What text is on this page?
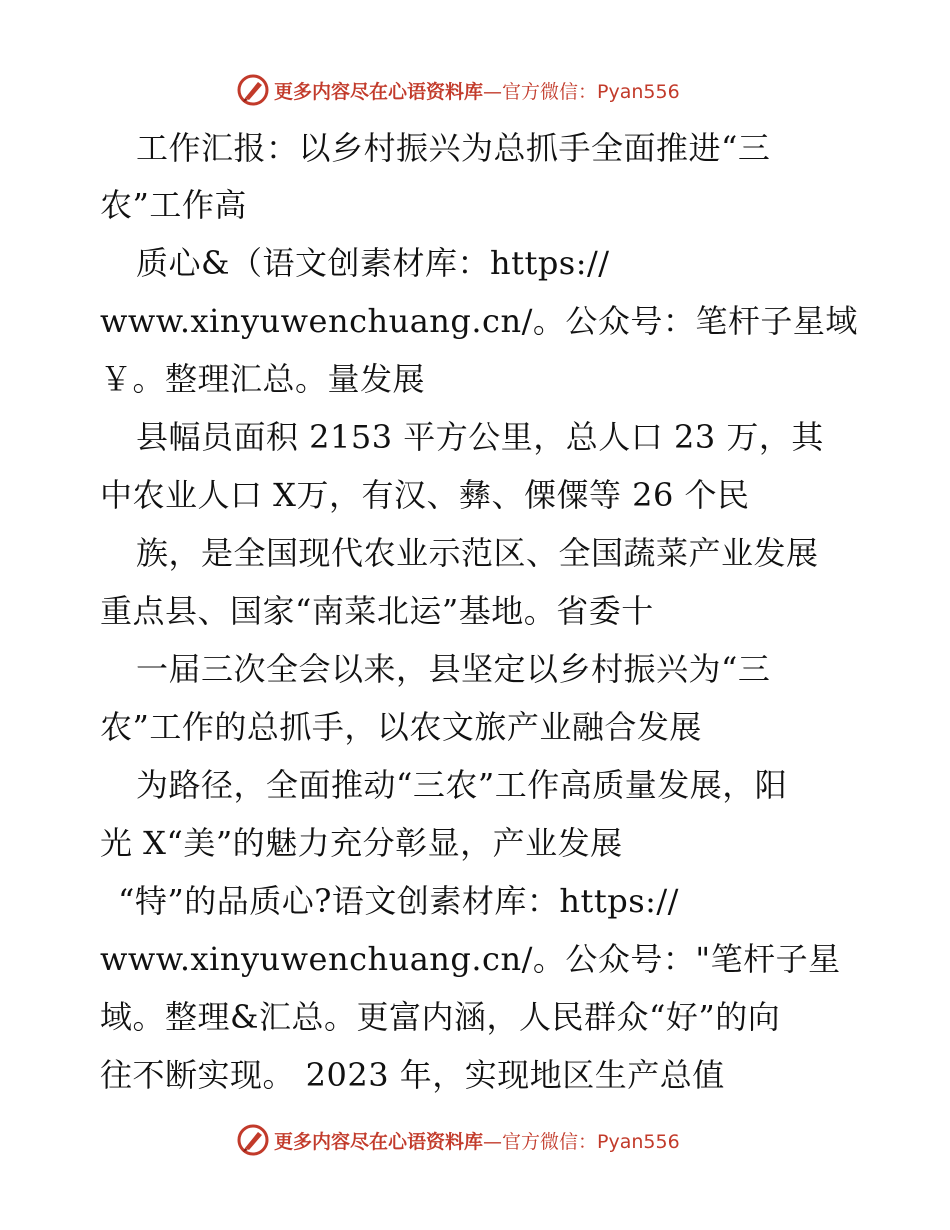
更多内容尽在心语资料库—官方微信：Pyan556
工作汇报：以乡村振兴为总抓手全面推进“三
农”工作高
质心&（语文创素材库：https://
www.xinyuwenchuang.cn/。公众号：笔杆子星域
￥。整理汇总。量发展
县幅员面积 2153 平方公里，总人口 23 万，其
中农业人口 X万，有汉、彝、傈僳等 26 个民
族，是全国现代农业示范区、全国蔬菜产业发展
重点县、国家“南菜北运”基地。省委十
一届三次全会以来，县坚定以乡村振兴为“三
农”工作的总抓手，以农文旅产业融合发展
为路径，全面推动“三农”工作高质量发展，阳
光 X“美”的魅力充分彰显，产业发展
“特”的品质心?语文创素材库：https://
www.xinyuwenchuang.cn/。公众号："笔杆子星
域。整理&汇总。更富内涵，人民群众“好”的向
往不断实现。 2023 年，实现地区生产总值
更多内容尽在心语资料库—官方微信：Pyan556
